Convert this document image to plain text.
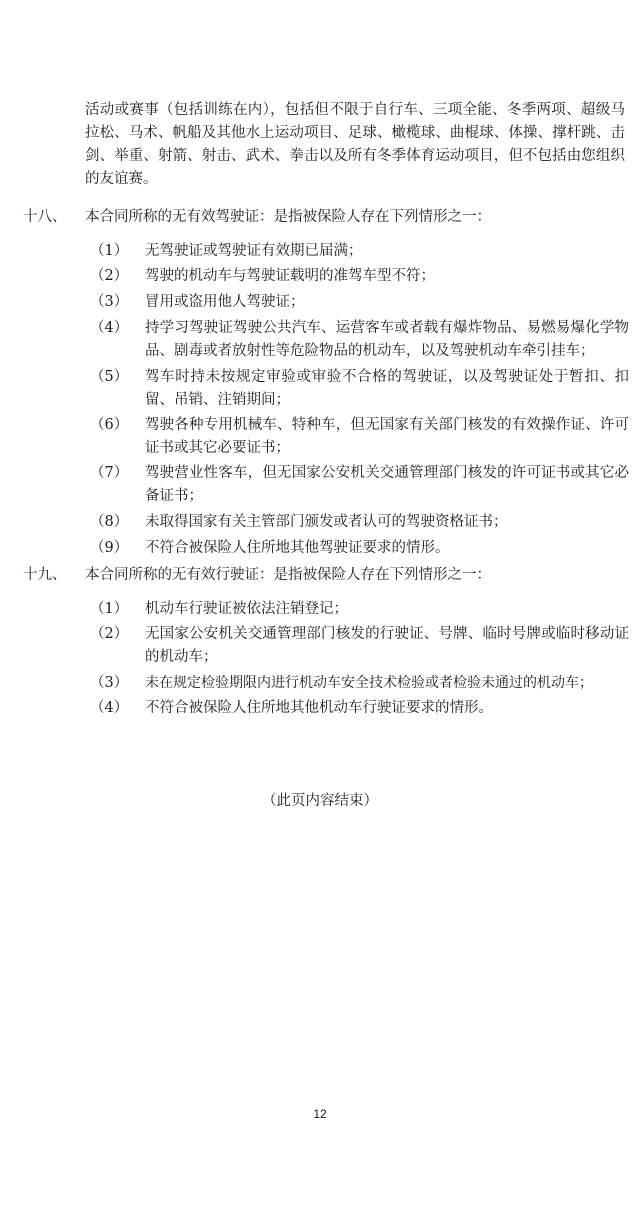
活动或赛事（包括训练在内），包括但不限于自行车、三项全能、冬季两项、超级马拉松、马术、帆船及其他水上运动项目、足球、橄榄球、曲棍球、体操、撑杆跳、击剑、举重、射箭、射击、武术、拳击以及所有冬季体育运动项目，但不包括由您组织的友谊赛。

十八、 本合同所称的无有效驾驶证：是指被保险人存在下列情形之一：

（1）	无驾驶证或驾驶证有效期已届满；
（2）	驾驶的机动车与驾驶证载明的准驾车型不符；
（3）	冒用或盗用他人驾驶证；
（4）	持学习驾驶证驾驶公共汽车、运营客车或者载有爆炸物品、易燃易爆化学物品、剧毒或者放射性等危险物品的机动车，以及驾驶机动车牵引挂车；
（5）	驾车时持未按规定审验或审验不合格的驾驶证，以及驾驶证处于暂扣、扣留、吊销、注销期间；
（6）	驾驶各种专用机械车、特种车，但无国家有关部门核发的有效操作证、许可证书或其它必要证书；
（7）	驾驶营业性客车，但无国家公安机关交通管理部门核发的许可证书或其它必备证书；
（8）	未取得国家有关主管部门颁发或者认可的驾驶资格证书；
（9）	不符合被保险人住所地其他驾驶证要求的情形。

十九、 本合同所称的无有效行驶证：是指被保险人存在下列情形之一：

（1）	机动车行驶证被依法注销登记；
（2）	无国家公安机关交通管理部门核发的行驶证、号牌、临时号牌或临时移动证的机动车；
（3）	未在规定检验期限内进行机动车安全技术检验或者检验未通过的机动车；
（4）	不符合被保险人住所地其他机动车行驶证要求的情形。
（此页内容结束）
12
